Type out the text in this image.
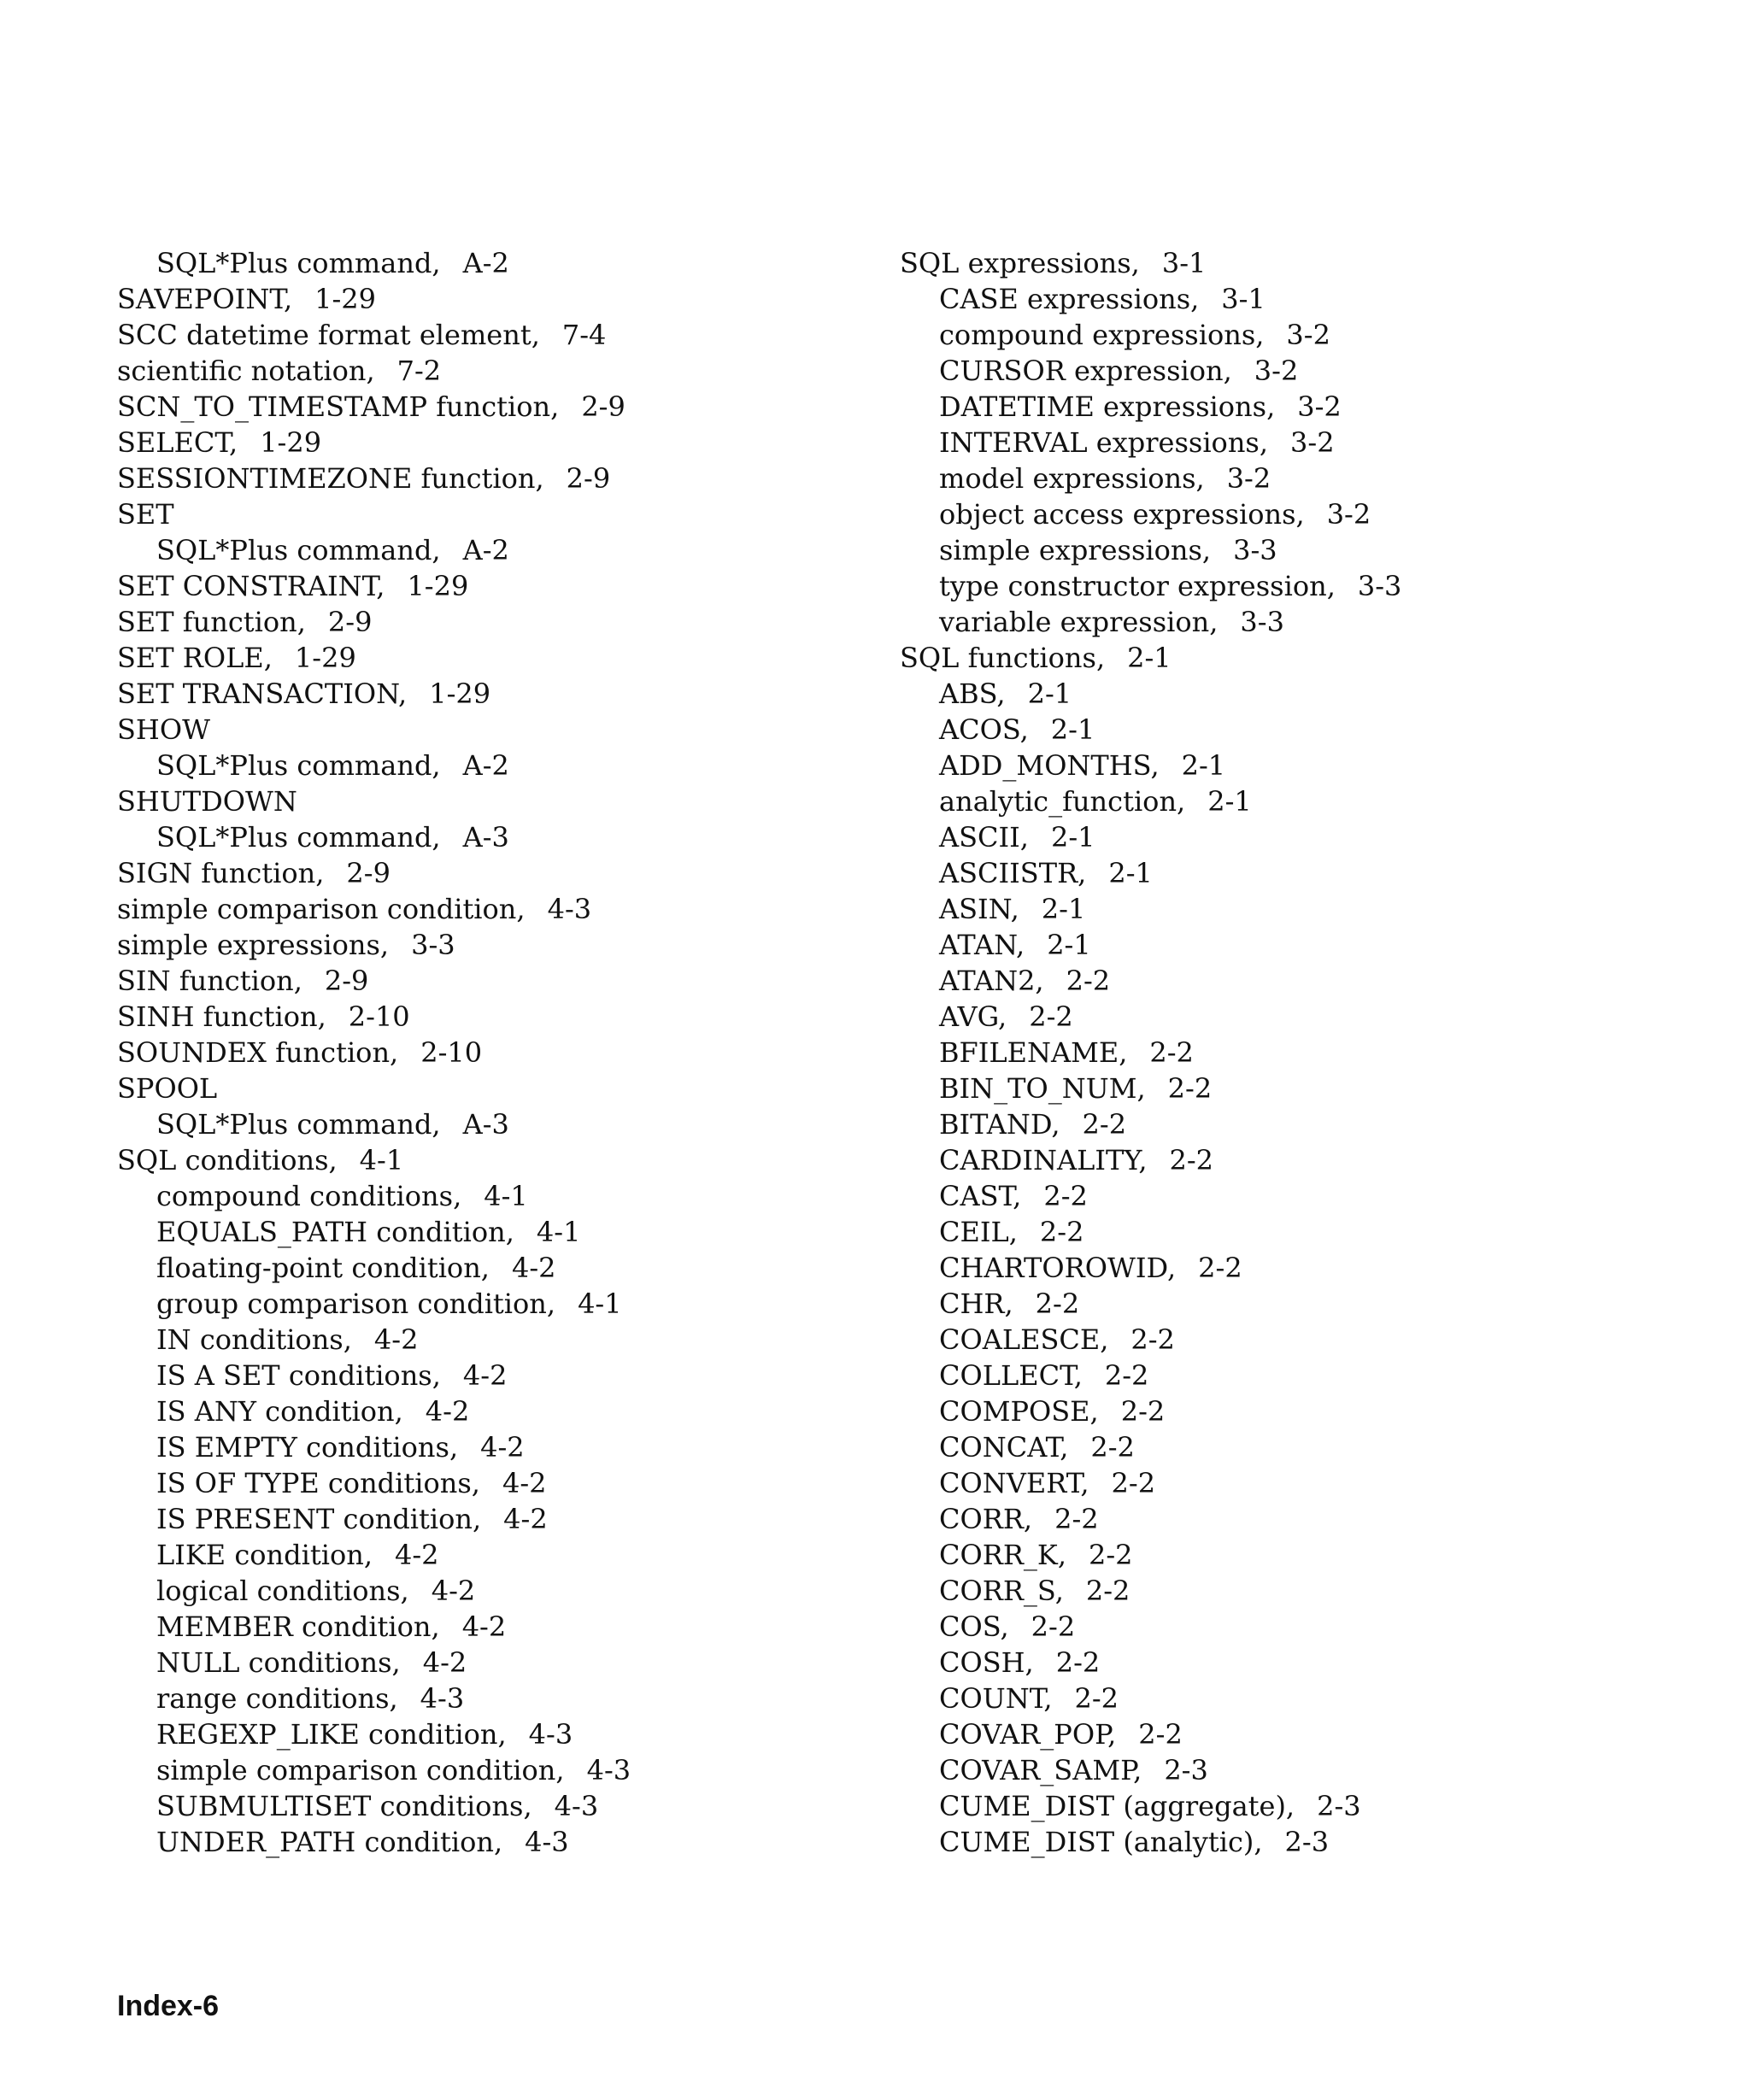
SQL*Plus command, A-2
SAVEPOINT, 1-29
SCC datetime format element, 7-4
scientific notation, 7-2
SCN_TO_TIMESTAMP function, 2-9
SELECT, 1-29
SESSIONTIMEZONE function, 2-9
SET
SQL*Plus command, A-2
SET CONSTRAINT, 1-29
SET function, 2-9
SET ROLE, 1-29
SET TRANSACTION, 1-29
SHOW
SQL*Plus command, A-2
SHUTDOWN
SQL*Plus command, A-3
SIGN function, 2-9
simple comparison condition, 4-3
simple expressions, 3-3
SIN function, 2-9
SINH function, 2-10
SOUNDEX function, 2-10
SPOOL
SQL*Plus command, A-3
SQL conditions, 4-1
compound conditions, 4-1
EQUALS_PATH condition, 4-1
floating-point condition, 4-2
group comparison condition, 4-1
IN conditions, 4-2
IS A SET conditions, 4-2
IS ANY condition, 4-2
IS EMPTY conditions, 4-2
IS OF TYPE conditions, 4-2
IS PRESENT condition, 4-2
LIKE condition, 4-2
logical conditions, 4-2
MEMBER condition, 4-2
NULL conditions, 4-2
range conditions, 4-3
REGEXP_LIKE condition, 4-3
simple comparison condition, 4-3
SUBMULTISET conditions, 4-3
UNDER_PATH condition, 4-3
SQL expressions, 3-1
CASE expressions, 3-1
compound expressions, 3-2
CURSOR expression, 3-2
DATETIME expressions, 3-2
INTERVAL expressions, 3-2
model expressions, 3-2
object access expressions, 3-2
simple expressions, 3-3
type constructor expression, 3-3
variable expression, 3-3
SQL functions, 2-1
ABS, 2-1
ACOS, 2-1
ADD_MONTHS, 2-1
analytic_function, 2-1
ASCII, 2-1
ASCIISTR, 2-1
ASIN, 2-1
ATAN, 2-1
ATAN2, 2-2
AVG, 2-2
BFILENAME, 2-2
BIN_TO_NUM, 2-2
BITAND, 2-2
CARDINALITY, 2-2
CAST, 2-2
CEIL, 2-2
CHARTOROWID, 2-2
CHR, 2-2
COALESCE, 2-2
COLLECT, 2-2
COMPOSE, 2-2
CONCAT, 2-2
CONVERT, 2-2
CORR, 2-2
CORR_K, 2-2
CORR_S, 2-2
COS, 2-2
COSH, 2-2
COUNT, 2-2
COVAR_POP, 2-2
COVAR_SAMP, 2-3
CUME_DIST (aggregate), 2-3
CUME_DIST (analytic), 2-3
Index-6
